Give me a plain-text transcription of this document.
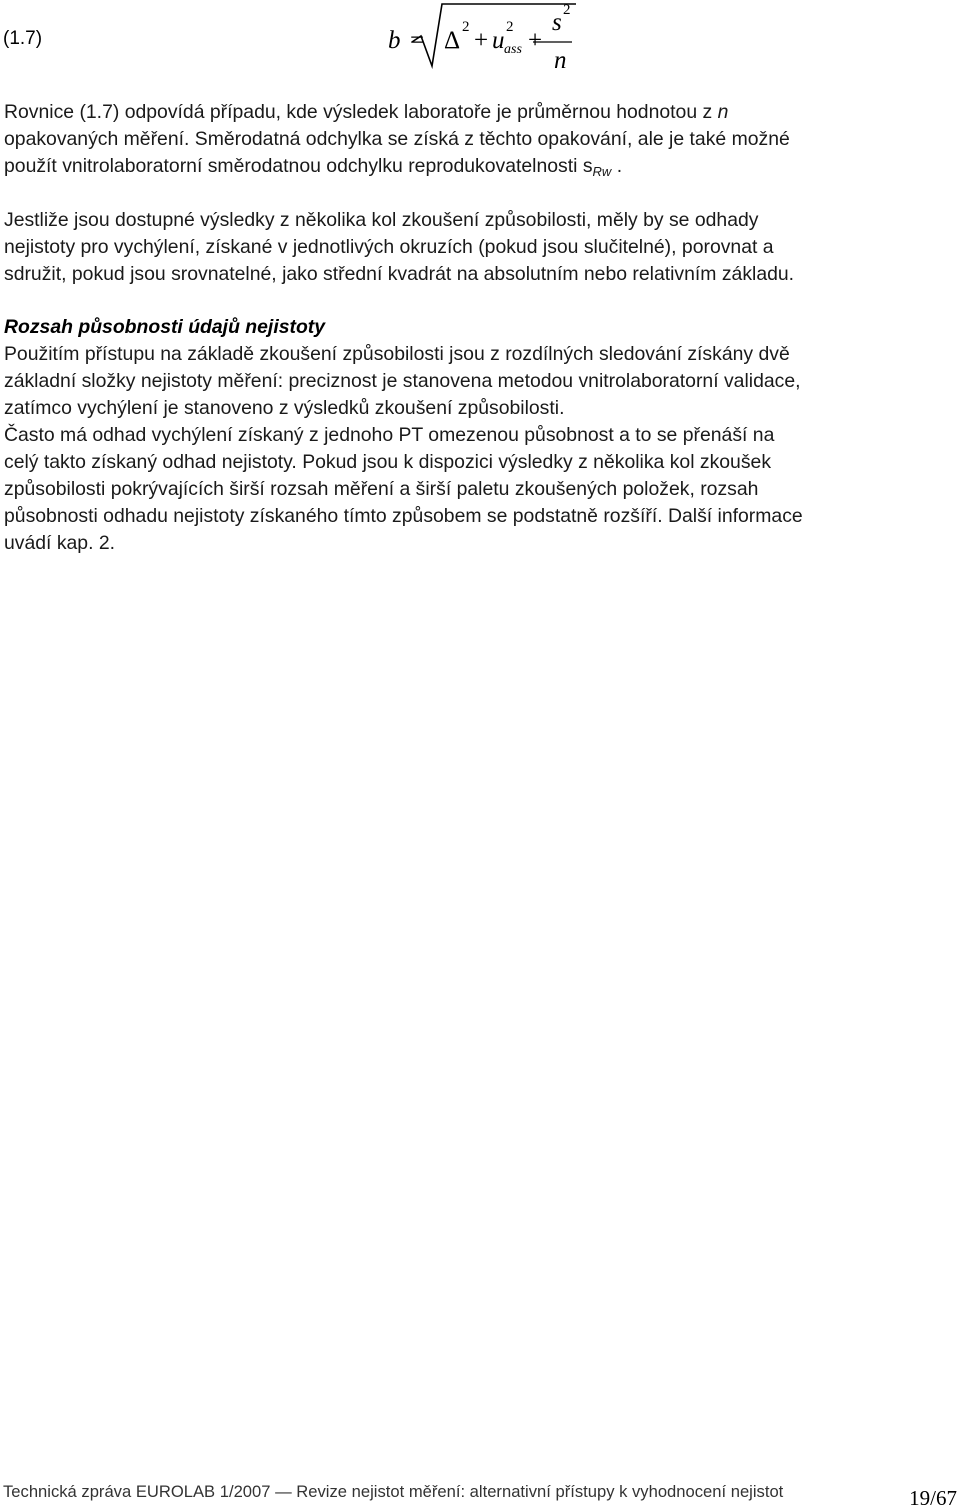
(1.7)	b = Δ 2 + u 2
ass +
s 2
n

Rovnice (1.7) odpovídá případu, kde výsledek laboratoře je průměrnou hodnotou z n
opakovaných měření. Směrodatná odchylka se získá z těchto opakování, ale je také možné
použít vnitrolaboratorní směrodatnou odchylku reprodukovatelnosti $s_{Rw}$ .

Jestliže jsou dostupné výsledky z několika kol zkoušení způsobilosti, měly by se odhady
nejistoty pro vychýlení, získané v jednotlivých okruzích (pokud jsou slučitelné), porovnat a
sdružit, pokud jsou srovnatelné, jako střední kvadrát na absolutním nebo relativním základu.

Rozsah působnosti údajů nejistoty

Použitím přístupu na základě zkoušení způsobilosti jsou z rozdílných sledování získány dvě
základní složky nejistoty měření: preciznost je stanovena metodou vnitrolaboratorní validace,
zatímco vychýlení je stanoveno z výsledků zkoušení způsobilosti.
Často má odhad vychýlení získaný z jednoho PT omezenou působnost a to se přenáší na
celý takto získaný odhad nejistoty. Pokud jsou k dispozici výsledky z několika kol zkoušek
způsobilosti pokrývajících širší rozsah měření a širší paletu zkoušených položek, rozsah
působnosti odhadu nejistoty získaného tímto způsobem se podstatně rozšíří. Další informace
uvádí kap. 2.

Technická zpráva EUROLAB 1/2007 — Revize nejistot měření: alternativní přístupy k vyhodnocení nejistot	19/67
